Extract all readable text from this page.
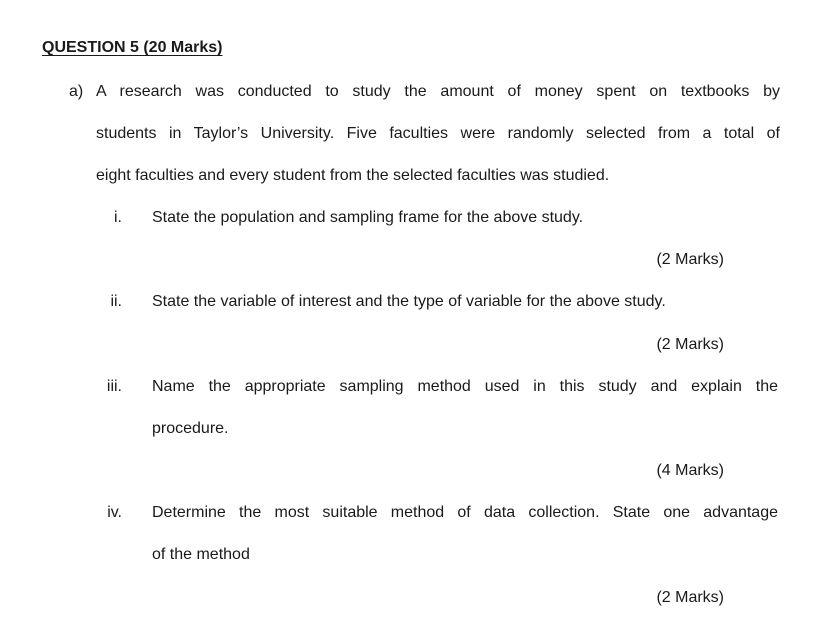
QUESTION 5 (20 Marks)
a) A research was conducted to study the amount of money spent on textbooks by
students in Taylor’s University. Five faculties were randomly selected from a total of
eight faculties and every student from the selected faculties was studied.
i. State the population and sampling frame for the above study.
(2 Marks)
ii. State the variable of interest and the type of variable for the above study.
(2 Marks)
iii. Name the appropriate sampling method used in this study and explain the
procedure.
(4 Marks)
iv. Determine the most suitable method of data collection. State one advantage
of the method
(2 Marks)
